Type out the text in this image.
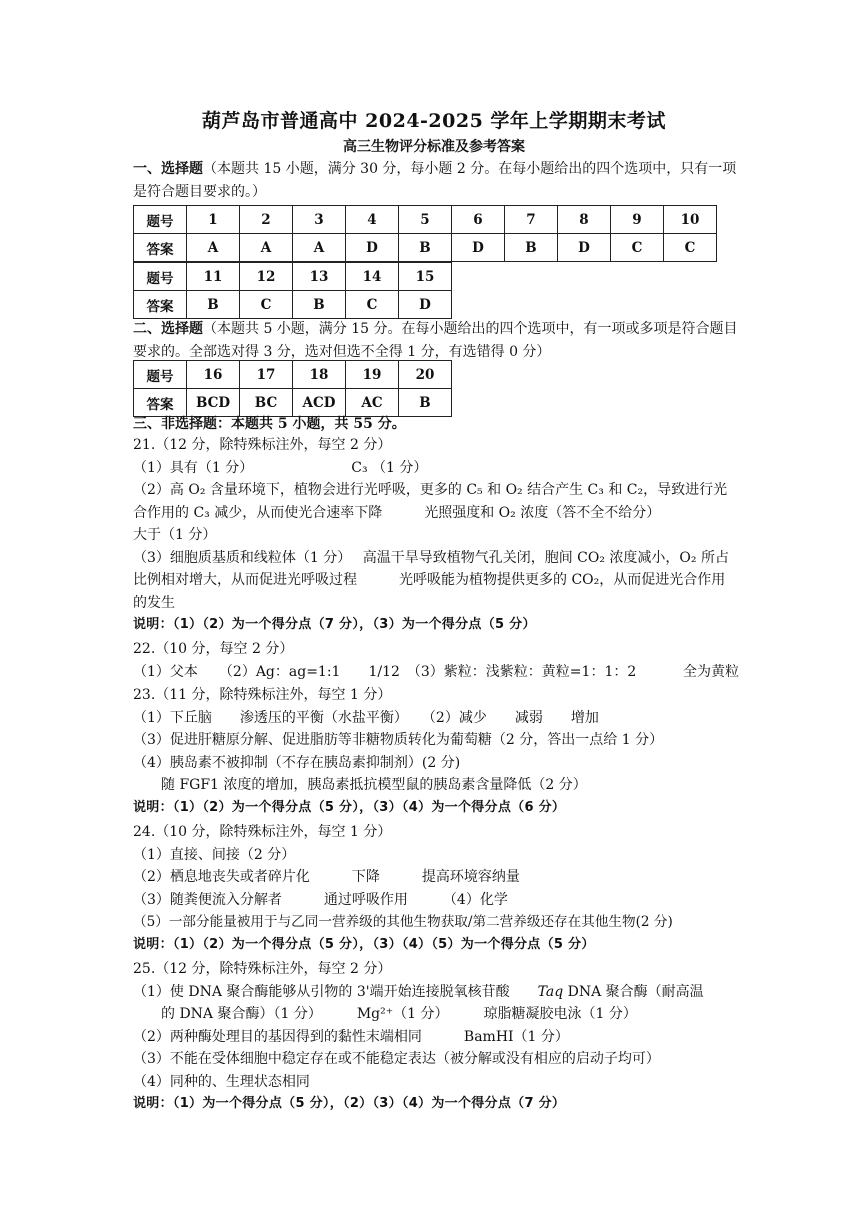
葫芦岛市普通高中 2024-2025 学年上学期期末考试
高三生物评分标准及参考答案
一、选择题（本题共 15 小题，满分 30 分，每小题 2 分。在每小题给出的四个选项中，只有一项是符合题目要求的。）
题号	1	2	3	4	5	6	7	8	9	10
答案	A	A	A	D	B	D	B	D	C	C
题号	11	12	13	14	15
答案	B	C	B	C	D
二、选择题（本题共 5 小题，满分 15 分。在每小题给出的四个选项中，有一项或多项是符合题目要求的。全部选对得 3 分，选对但选不全得 1 分，有选错得 0 分）
题号	16	17	18	19	20
答案	BCD	BC	ACD	AC	B
三、非选择题：本题共 5 小题，共 55 分。
21.（12 分，除特殊标注外，每空 2 分）
（1）具有（1 分）	C₃ （1 分）
（2）高 O₂ 含量环境下，植物会进行光呼吸，更多的 C₅ 和 O₂ 结合产生 C₃ 和 C₂，导致进行光合作用的 C₃ 减少，从而使光合速率下降　　　光照强度和 O₂ 浓度（答不全不给分）
大于（1 分）
（3）细胞质基质和线粒体（1 分）　 高温干旱导致植物气孔关闭，胞间 CO₂ 浓度减小，O₂ 所占比例相对增大，从而促进光呼吸过程　　　光呼吸能为植物提供更多的 CO₂，从而促进光合作用的发生
说明：（1）（2）为一个得分点（7 分），（3）为一个得分点（5 分）
22.（10 分，每空 2 分）
（1）父本　　（2）Ag：ag=1:1　　1/12　（3）紫粒：浅紫粒：黄粒=1：1：2	全为黄粒
23.（11 分，除特殊标注外，每空 1 分）
（1）下丘脑　　渗透压的平衡（水盐平衡）　　（2）减少　　减弱　　增加
（3）促进肝糖原分解、促进脂肪等非糖物质转化为葡萄糖（2 分，答出一点给 1 分）
（4）胰岛素不被抑制（不存在胰岛素抑制剂）(2 分)
随 FGF1 浓度的增加，胰岛素抵抗模型鼠的胰岛素含量降低（2 分）
说明：（1）（2）为一个得分点（5 分），（3）（4）为一个得分点（6 分）
24.（10 分，除特殊标注外，每空 1 分）
（1）直接、间接（2 分）
（2）栖息地丧失或者碎片化　　　下降　　　提高环境容纳量
（3）随粪便流入分解者　　　通过呼吸作用　　　（4）化学
（5）一部分能量被用于与乙同一营养级的其他生物获取/第二营养级还存在其他生物(2 分)
说明：（1）（2）为一个得分点（5 分），（3）（4）（5）为一个得分点（5 分）
25.（12 分，除特殊标注外，每空 2 分）
（1）使 DNA 聚合酶能够从引物的 3'端开始连接脱氧核苷酸　　Taq DNA 聚合酶（耐高温
的 DNA 聚合酶）（1 分）　　　Mg²⁺（1 分）　　　琼脂糖凝胶电泳（1 分）
（2）两种酶处理目的基因得到的黏性末端相同　　　BamHI（1 分）
（3）不能在受体细胞中稳定存在或不能稳定表达（被分解或没有相应的启动子均可）
（4）同种的、生理状态相同
说明：（1）为一个得分点（5 分），（2）（3）（4）为一个得分点（7 分）
